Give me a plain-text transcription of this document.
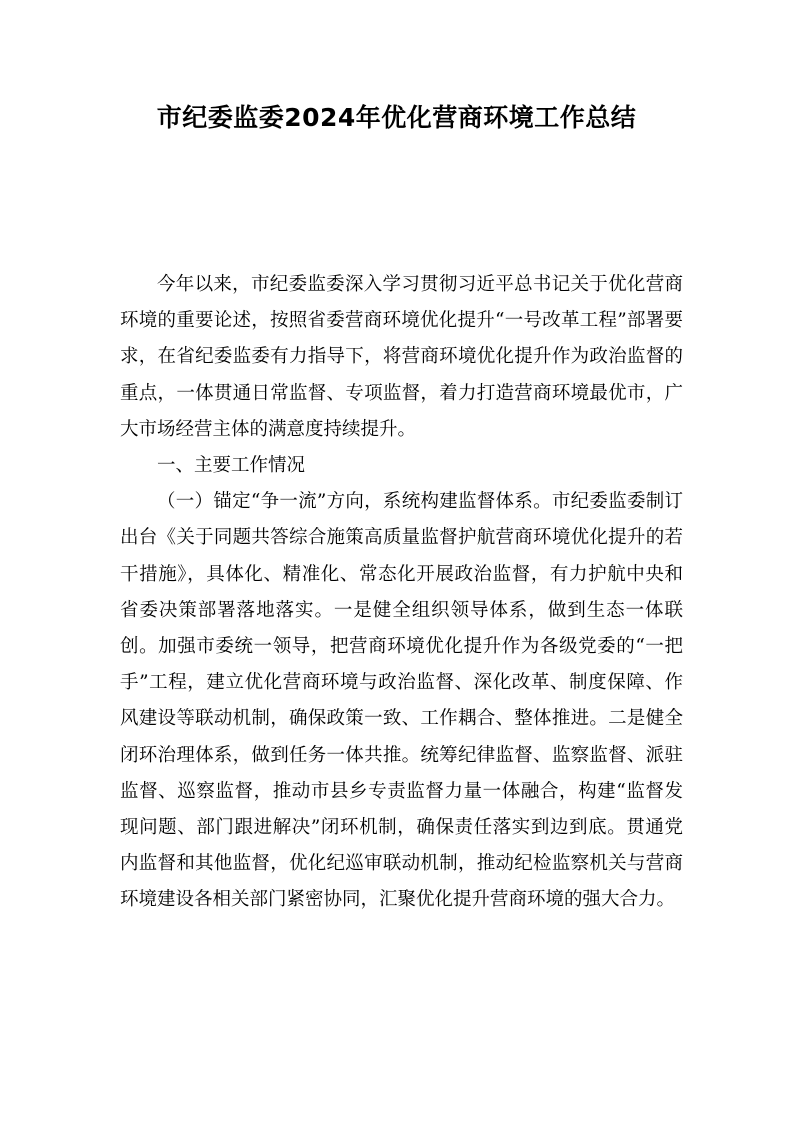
市纪委监委2024年优化营商环境工作总结

今年以来，市纪委监委深入学习贯彻习近平总书记关于优化营商环境的重要论述，按照省委营商环境优化提升“一号改革工程”部署要求，在省纪委监委有力指导下，将营商环境优化提升作为政治监督的重点，一体贯通日常监督、专项监督，着力打造营商环境最优市，广大市场经营主体的满意度持续提升。

一、主要工作情况

（一）锚定“争一流”方向，系统构建监督体系。市纪委监委制订出台《关于同题共答综合施策高质量监督护航营商环境优化提升的若干措施》，具体化、精准化、常态化开展政治监督，有力护航中央和省委决策部署落地落实。一是健全组织领导体系，做到生态一体联创。加强市委统一领导，把营商环境优化提升作为各级党委的“一把手”工程，建立优化营商环境与政治监督、深化改革、制度保障、作风建设等联动机制，确保政策一致、工作耦合、整体推进。二是健全闭环治理体系，做到任务一体共推。统筹纪律监督、监察监督、派驻监督、巡察监督，推动市县乡专责监督力量一体融合，构建“监督发现问题、部门跟进解决”闭环机制，确保责任落实到边到底。贯通党内监督和其他监督，优化纪巡审联动机制，推动纪检监察机关与营商环境建设各相关部门紧密协同，汇聚优化提升营商环境的强大合力。
